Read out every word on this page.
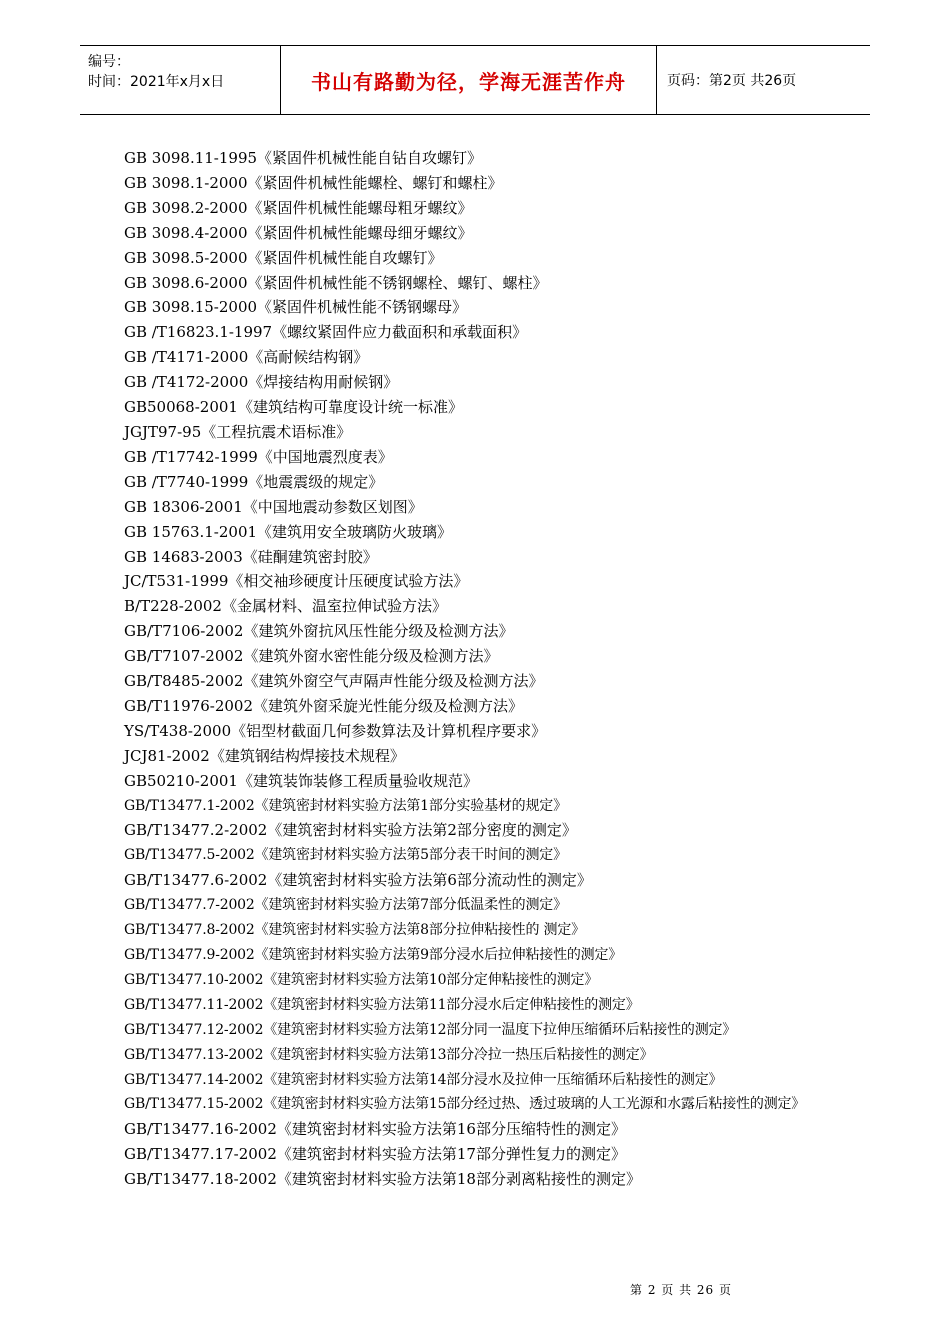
编号：
时间：2021年x月x日	书山有路勤为径，学海无涯苦作舟	页码：第2页 共26页
GB 3098.11-1995《紧固件机械性能自钻自攻螺钉》
GB 3098.1-2000《紧固件机械性能螺栓、螺钉和螺柱》
GB 3098.2-2000《紧固件机械性能螺母粗牙螺纹》
GB 3098.4-2000《紧固件机械性能螺母细牙螺纹》
GB 3098.5-2000《紧固件机械性能自攻螺钉》
GB 3098.6-2000《紧固件机械性能不锈钢螺栓、螺钉、螺柱》
GB 3098.15-2000《紧固件机械性能不锈钢螺母》
GB /T16823.1-1997《螺纹紧固件应力截面积和承载面积》
GB /T4171-2000《高耐候结构钢》
GB /T4172-2000《焊接结构用耐候钢》
GB50068-2001《建筑结构可靠度设计统一标准》
JGJT97-95《工程抗震术语标准》
GB /T17742-1999《中国地震烈度表》
GB /T7740-1999《地震震级的规定》
GB 18306-2001《中国地震动参数区划图》
GB 15763.1-2001《建筑用安全玻璃防火玻璃》
GB 14683-2003《硅酮建筑密封胶》
JC/T531-1999《相交袖珍硬度计压硬度试验方法》
B/T228-2002《金属材料、温室拉伸试验方法》
GB/T7106-2002《建筑外窗抗风压性能分级及检测方法》
GB/T7107-2002《建筑外窗水密性能分级及检测方法》
GB/T8485-2002《建筑外窗空气声隔声性能分级及检测方法》
GB/T11976-2002《建筑外窗采旋光性能分级及检测方法》
YS/T438-2000《铝型材截面几何参数算法及计算机程序要求》
JCJ81-2002《建筑钢结构焊接技术规程》
GB50210-2001《建筑装饰装修工程质量验收规范》
GB/T13477.1-2002《建筑密封材料实验方法第1部分实验基材的规定》
GB/T13477.2-2002《建筑密封材料实验方法第2部分密度的测定》
GB/T13477.5-2002《建筑密封材料实验方法第5部分表干时间的测定》
GB/T13477.6-2002《建筑密封材料实验方法第6部分流动性的测定》
GB/T13477.7-2002《建筑密封材料实验方法第7部分低温柔性的测定》
GB/T13477.8-2002《建筑密封材料实验方法第8部分拉伸粘接性的 测定》
GB/T13477.9-2002《建筑密封材料实验方法第9部分浸水后拉伸粘接性的测定》
GB/T13477.10-2002《建筑密封材料实验方法第10部分定伸粘接性的测定》
GB/T13477.11-2002《建筑密封材料实验方法第11部分浸水后定伸粘接性的测定》
GB/T13477.12-2002《建筑密封材料实验方法第12部分同一温度下拉伸压缩循环后粘接性的测定》
GB/T13477.13-2002《建筑密封材料实验方法第13部分冷拉一热压后粘接性的测定》
GB/T13477.14-2002《建筑密封材料实验方法第14部分浸水及拉伸一压缩循环后粘接性的测定》
GB/T13477.15-2002《建筑密封材料实验方法第15部分经过热、透过玻璃的人工光源和水露后粘接性的测定》
GB/T13477.16-2002《建筑密封材料实验方法第16部分压缩特性的测定》
GB/T13477.17-2002《建筑密封材料实验方法第17部分弹性复力的测定》
GB/T13477.18-2002《建筑密封材料实验方法第18部分剥离粘接性的测定》
第 2 页 共 26 页
